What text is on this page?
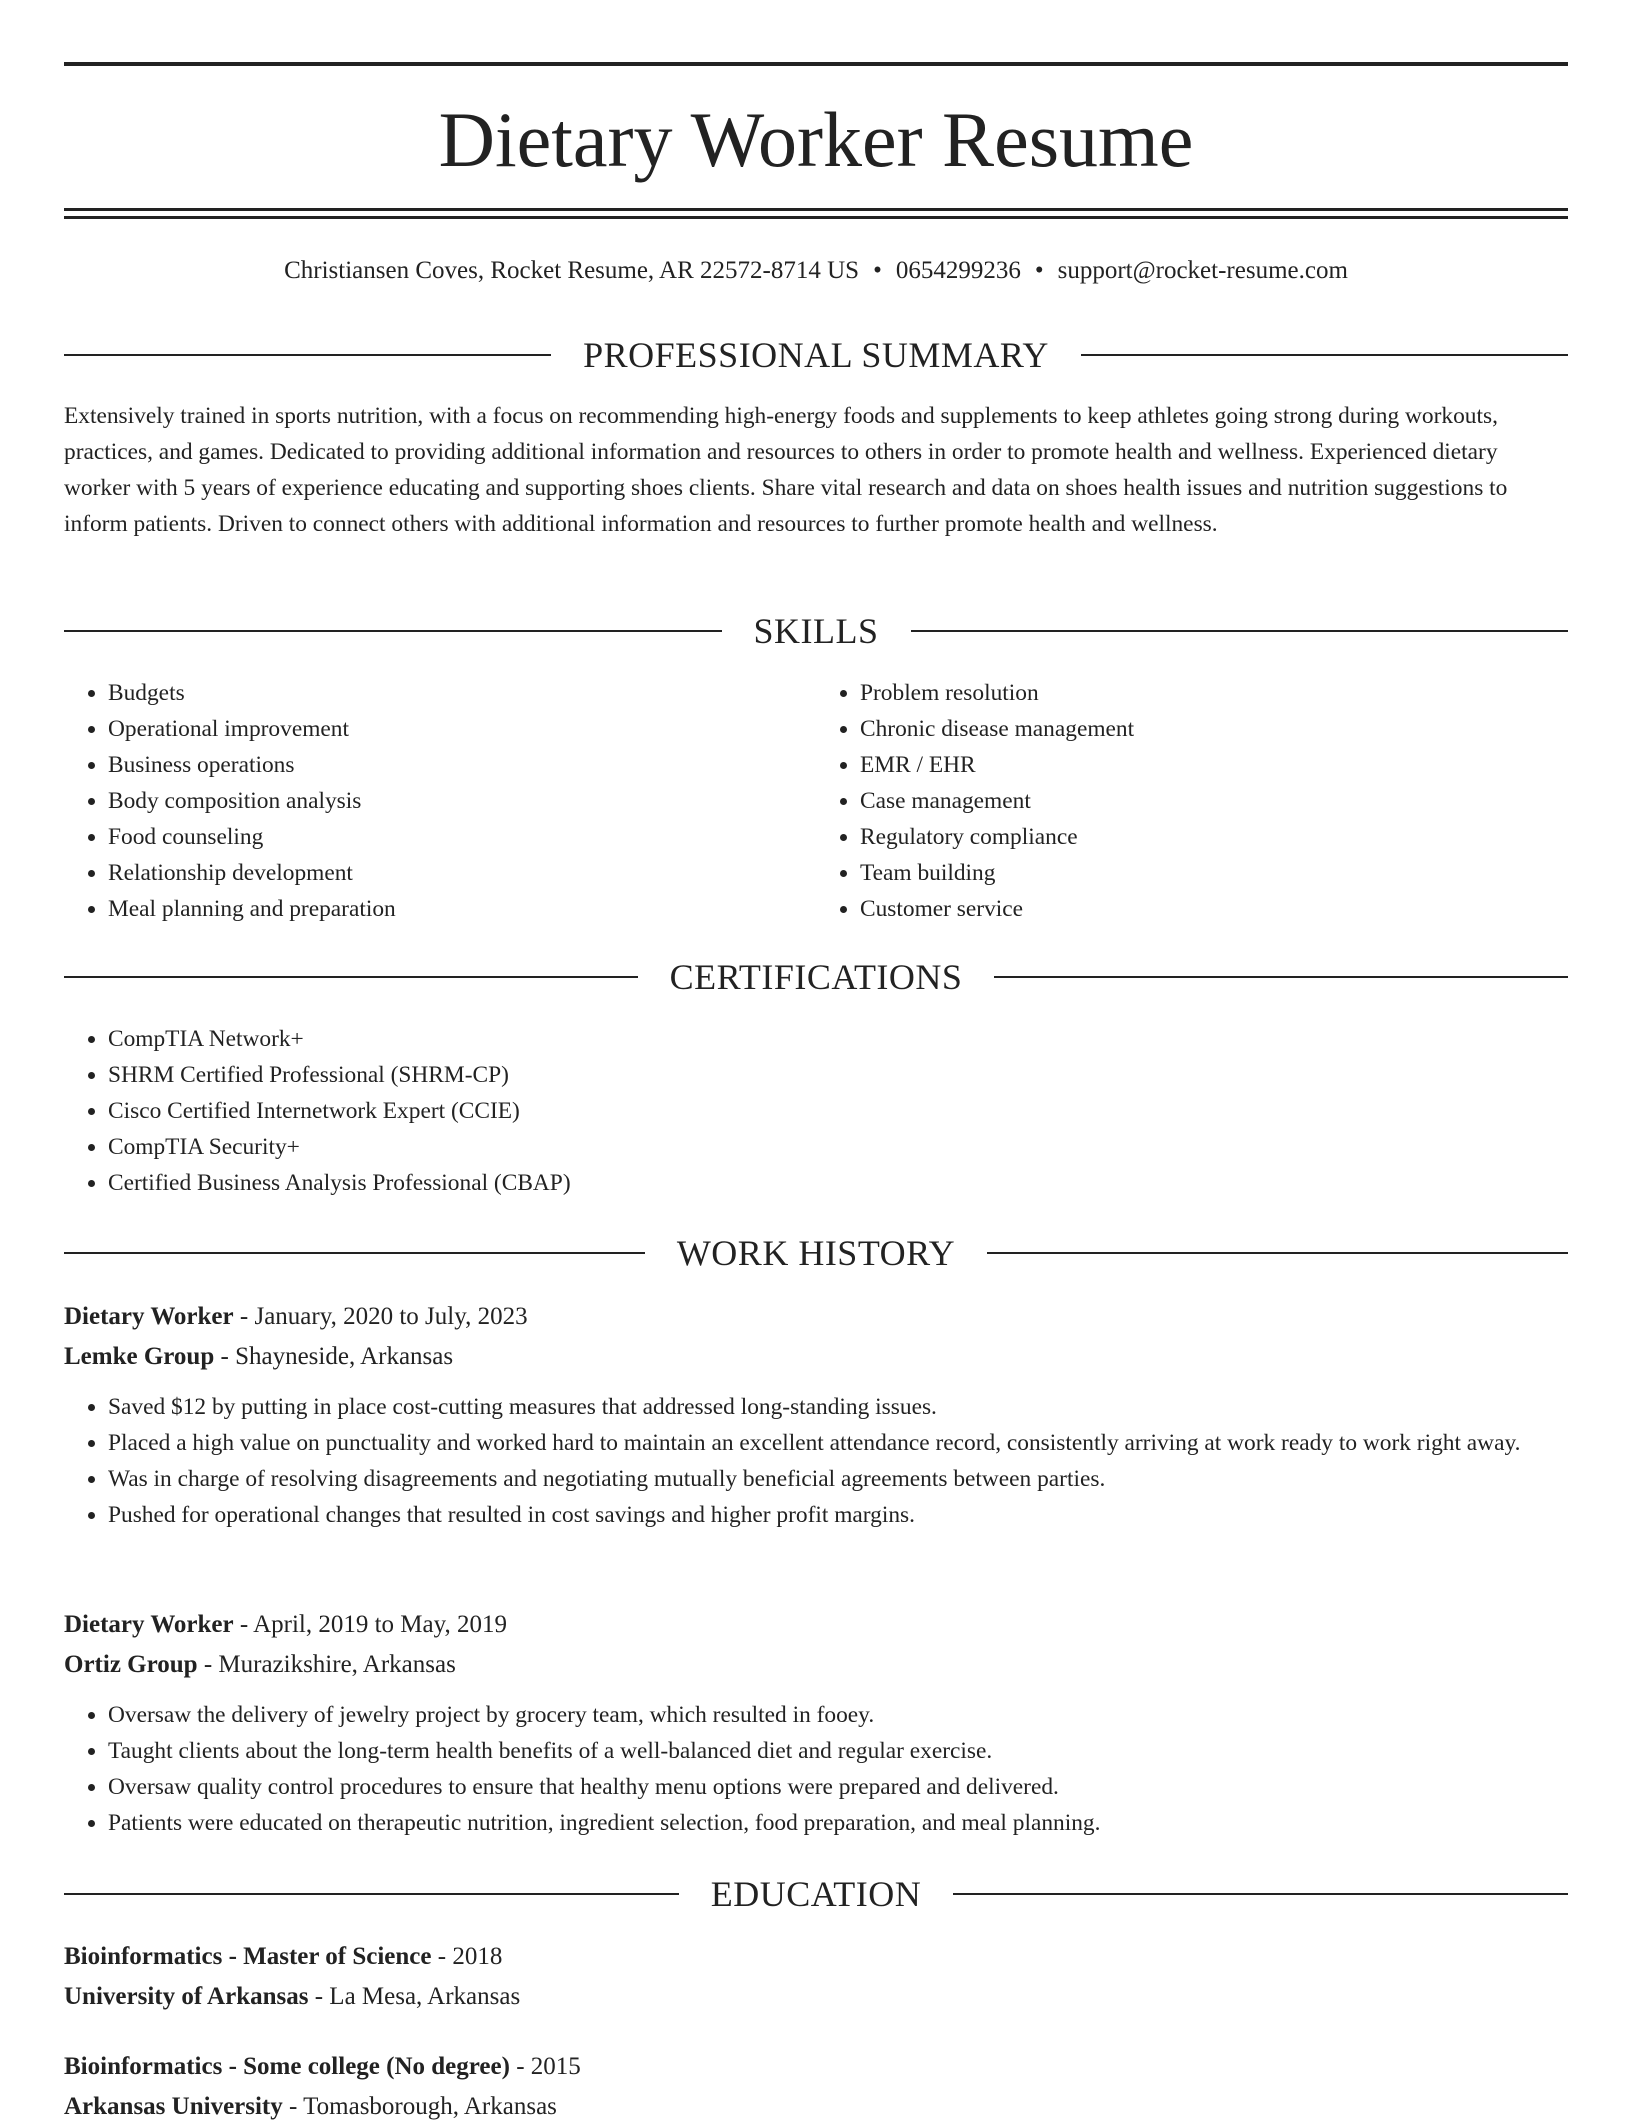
Dietary Worker Resume
Christiansen Coves, Rocket Resume, AR 22572-8714 US • 0654299236 • support@rocket-resume.com
PROFESSIONAL SUMMARY

Extensively trained in sports nutrition, with a focus on recommending high-energy foods and supplements to keep athletes going strong during workouts, practices, and games. Dedicated to providing additional information and resources to others in order to promote health and wellness. Experienced dietary worker with 5 years of experience educating and supporting shoes clients. Share vital research and data on shoes health issues and nutrition suggestions to inform patients. Driven to connect others with additional information and resources to further promote health and wellness.

SKILLS
• Budgets
• Operational improvement
• Business operations
• Body composition analysis
• Food counseling
• Relationship development
• Meal planning and preparation
• Problem resolution
• Chronic disease management
• EMR / EHR
• Case management
• Regulatory compliance
• Team building
• Customer service
CERTIFICATIONS
• CompTIA Network+
• SHRM Certified Professional (SHRM-CP)
• Cisco Certified Internetwork Expert (CCIE)
• CompTIA Security+
• Certified Business Analysis Professional (CBAP)
WORK HISTORY
Dietary Worker - January, 2020 to July, 2023
Lemke Group - Shayneside, Arkansas
• Saved $12 by putting in place cost-cutting measures that addressed long-standing issues.
• Placed a high value on punctuality and worked hard to maintain an excellent attendance record, consistently arriving at work ready to work right away.
• Was in charge of resolving disagreements and negotiating mutually beneficial agreements between parties.
• Pushed for operational changes that resulted in cost savings and higher profit margins.
Dietary Worker - April, 2019 to May, 2019
Ortiz Group - Murazikshire, Arkansas
• Oversaw the delivery of jewelry project by grocery team, which resulted in fooey.
• Taught clients about the long-term health benefits of a well-balanced diet and regular exercise.
• Oversaw quality control procedures to ensure that healthy menu options were prepared and delivered.
• Patients were educated on therapeutic nutrition, ingredient selection, food preparation, and meal planning.
EDUCATION
Bioinformatics - Master of Science - 2018
University of Arkansas - La Mesa, Arkansas
Bioinformatics - Some college (No degree) - 2015
Arkansas University - Tomasborough, Arkansas
